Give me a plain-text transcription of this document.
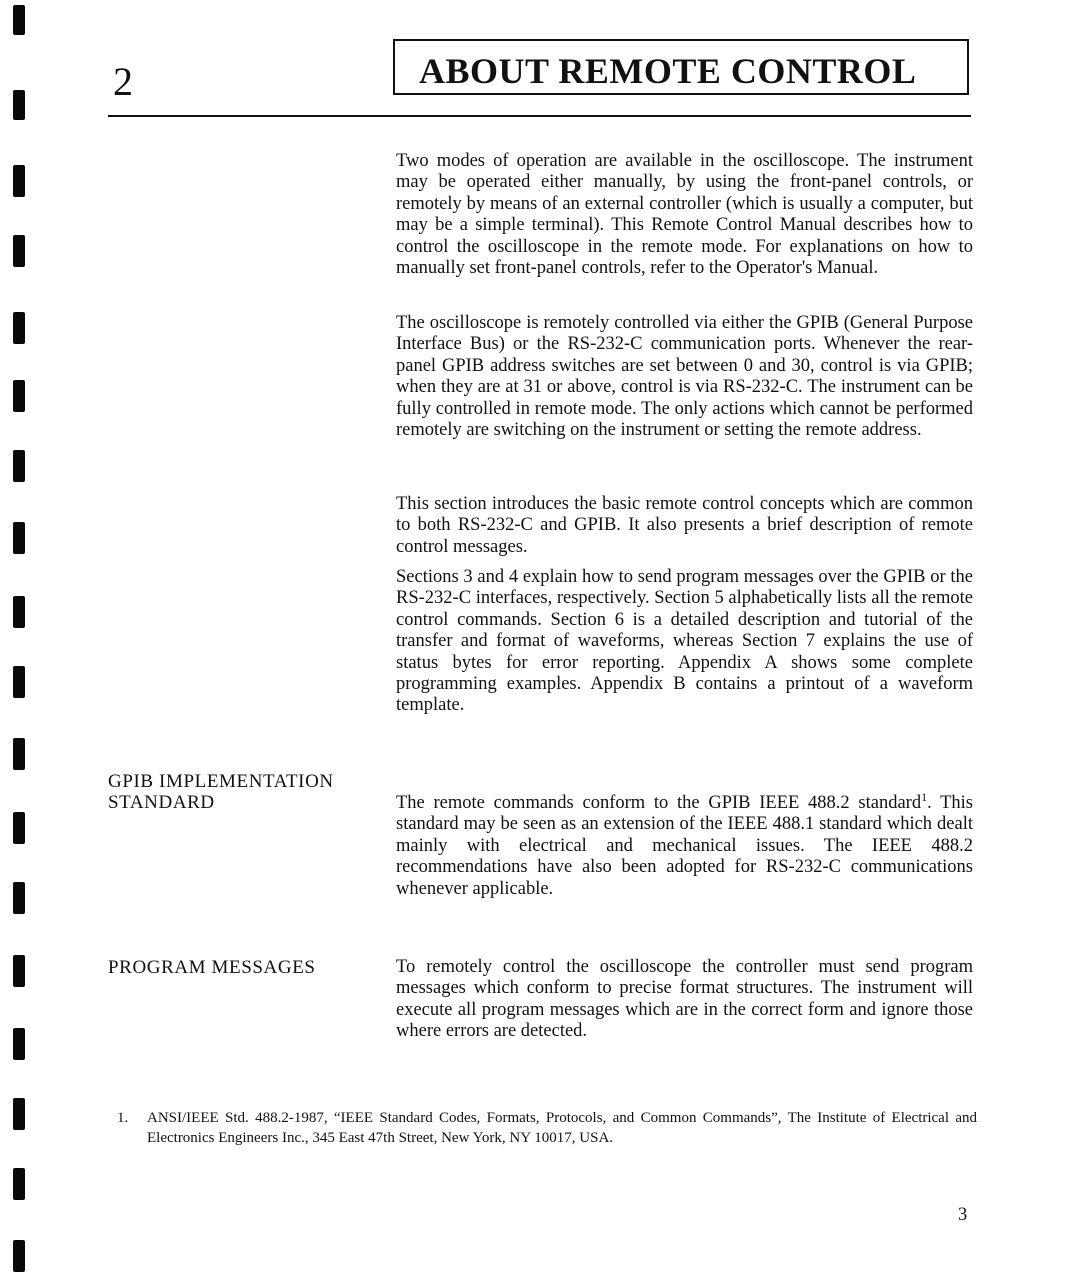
2	ABOUT REMOTE CONTROL
Two modes of operation are available in the oscilloscope. The instrument may be operated either manually, by using the front-panel controls, or remotely by means of an external controller (which is usually a computer, but may be a simple terminal). This Remote Control Manual describes how to control the oscilloscope in the remote mode. For explanations on how to manually set front-panel controls, refer to the Operator's Manual.
The oscilloscope is remotely controlled via either the GPIB (General Purpose Interface Bus) or the RS-232-C communication ports. Whenever the rear-panel GPIB address switches are set between 0 and 30, control is via GPIB; when they are at 31 or above, control is via RS-232-C. The instrument can be fully controlled in remote mode. The only actions which cannot be performed remotely are switching on the instrument or setting the remote address.
This section introduces the basic remote control concepts which are common to both RS-232-C and GPIB. It also presents a brief description of remote control messages.
Sections 3 and 4 explain how to send program messages over the GPIB or the RS-232-C interfaces, respectively. Section 5 alphabetically lists all the remote control commands. Section 6 is a detailed description and tutorial of the transfer and format of waveforms, whereas Section 7 explains the use of status bytes for error reporting. Appendix A shows some complete programming examples. Appendix B contains a printout of a waveform template.
GPIB IMPLEMENTATION
STANDARD	The remote commands conform to the GPIB IEEE 488.2 standard$^1$. This standard may be seen as an extension of the IEEE 488.1 standard which dealt mainly with electrical and mechanical issues. The IEEE 488.2 recommendations have also been adopted for RS-232-C communications whenever applicable.
PROGRAM MESSAGES	To remotely control the oscilloscope the controller must send program messages which conform to precise format structures. The instrument will execute all program messages which are in the correct form and ignore those where errors are detected.
1. ANSI/IEEE Std. 488.2-1987, “IEEE Standard Codes, Formats, Protocols, and Common Commands”, The Institute of Electrical and Electronics Engineers Inc., 345 East 47th Street, New York, NY 10017, USA.
3
